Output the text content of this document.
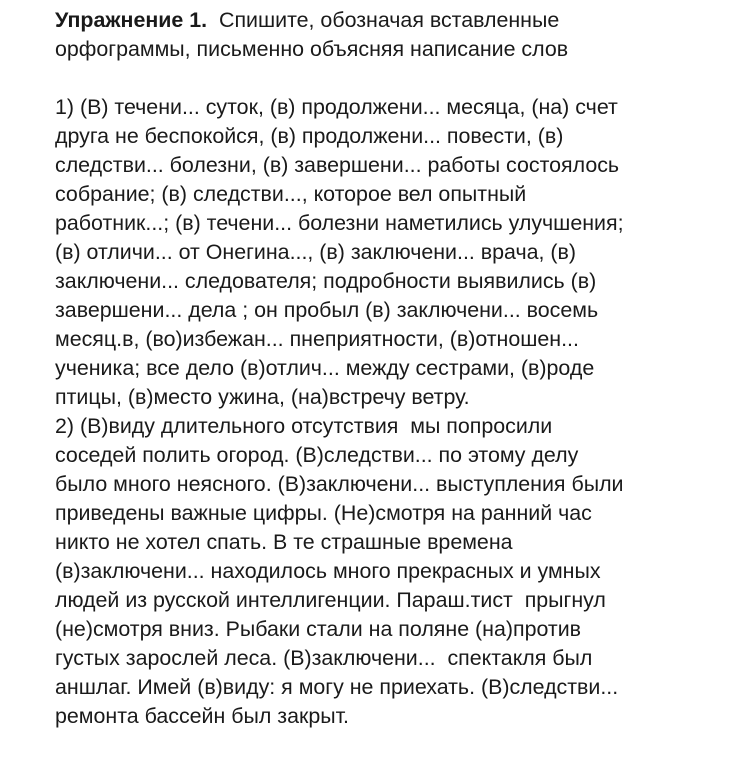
Упражнение 1.  Спишите, обозначая вставленные
орфограммы, письменно объясняя написание слов
1) (В) течени... суток, (в) продолжени... месяца, (на) счет
друга не беспокойся, (в) продолжени... повести, (в)
следстви... болезни, (в) завершени... работы состоялось
собрание; (в) следстви..., которое вел опытный
работник...; (в) течени... болезни наметились улучшения;
(в) отличи... от Онегина..., (в) заключени... врача, (в)
заключени... следователя; подробности выявились (в)
завершени... дела ; он пробыл (в) заключени... восемь
месяц.в, (во)избежан... пнеприятности, (в)отношен...
ученика; все дело (в)отлич... между сестрами, (в)роде
птицы, (в)место ужина, (на)встречу ветру.
2) (В)виду длительного отсутствия  мы попросили
соседей полить огород. (В)следстви... по этому делу
было много неясного. (В)заключени... выступления были
приведены важные цифры. (Не)смотря на ранний час
никто не хотел спать. В те страшные времена
(в)заключени... находилось много прекрасных и умных
людей из русской интеллигенции. Параш.тист  прыгнул
(не)смотря вниз. Рыбаки стали на поляне (на)против
густых зарослей леса. (В)заключени...  спектакля был
аншлаг. Имей (в)виду: я могу не приехать. (В)следстви...
ремонта бассейн был закрыт.
